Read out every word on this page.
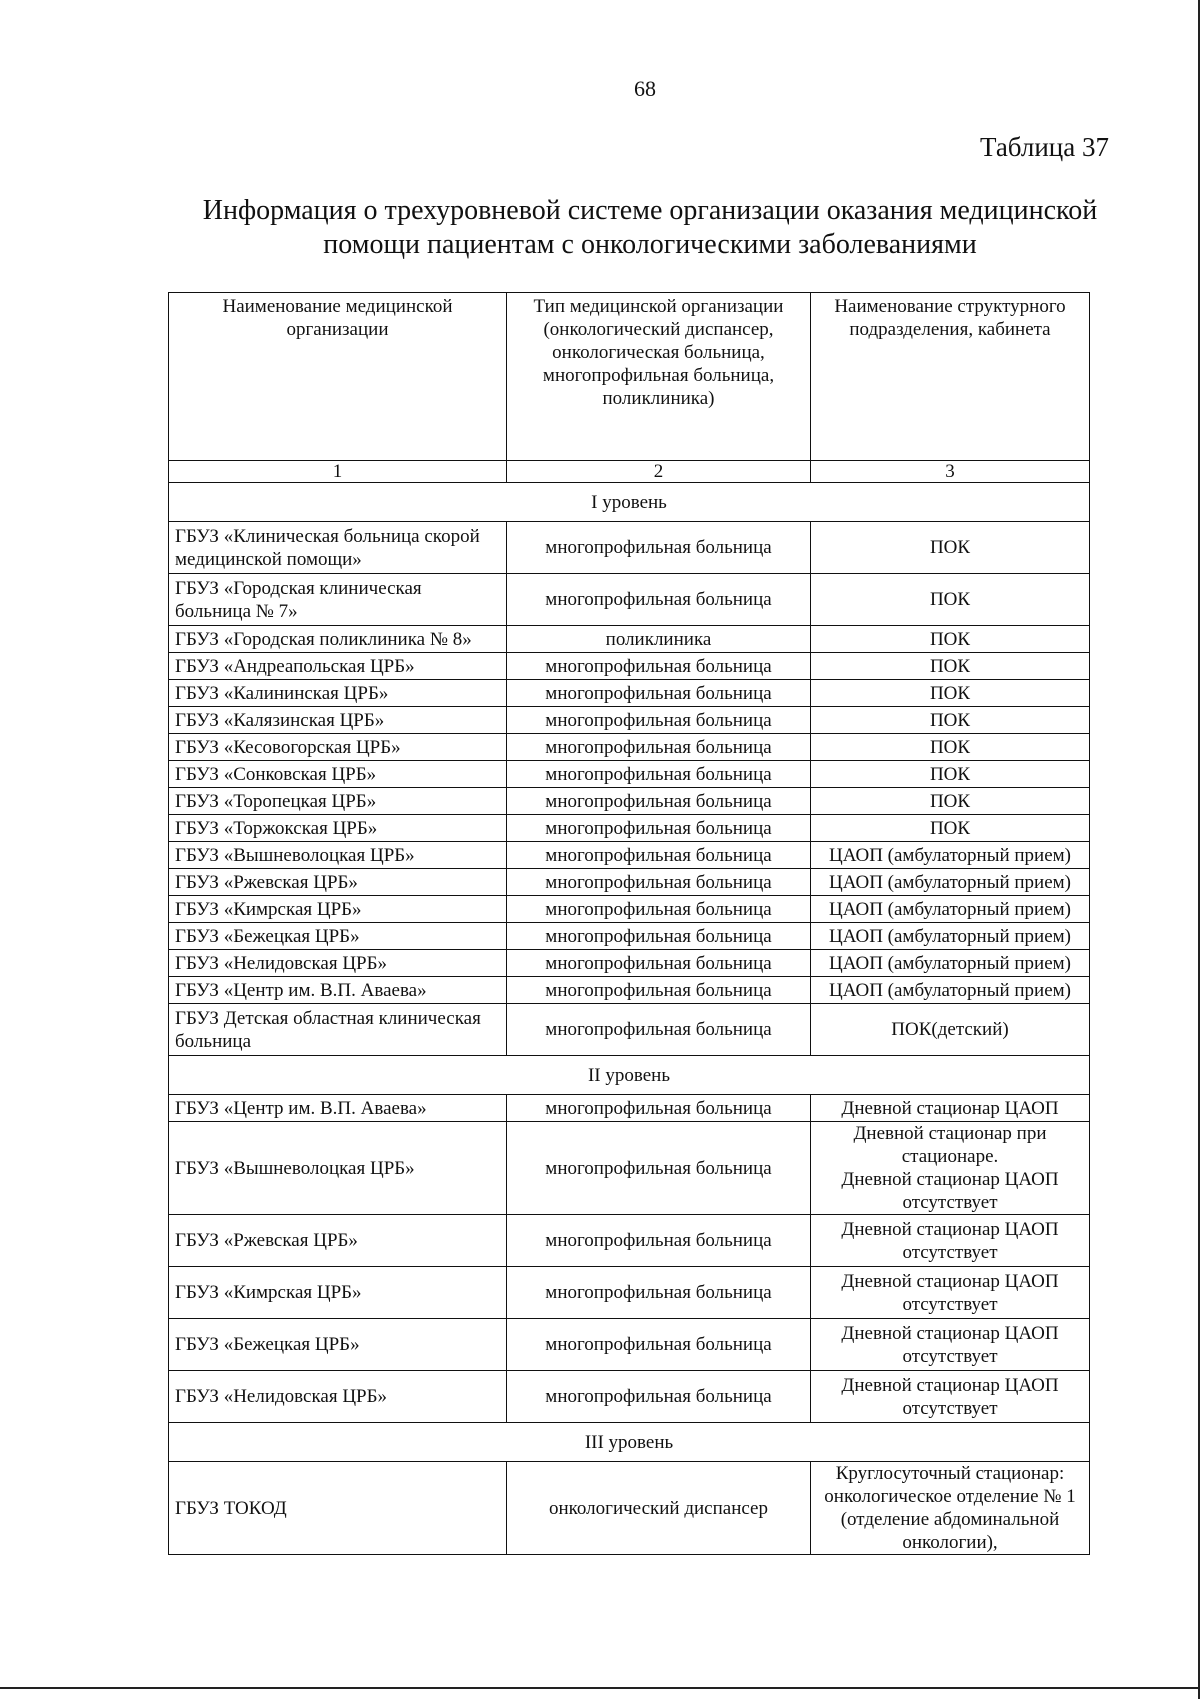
68
Таблица 37
Информация о трехуровневой системе организации оказания медицинской
помощи пациентам с онкологическими заболеваниями
Наименование медицинской организации	Тип медицинской организации (онкологический диспансер, онкологическая больница, многопрофильная больница, поликлиника)	Наименование структурного подразделения, кабинета
1	2	3
I уровень		
ГБУЗ «Клиническая больница скорой медицинской помощи»	многопрофильная больница	ПОК
ГБУЗ «Городская клиническая больница № 7»	многопрофильная больница	ПОК
ГБУЗ «Городская поликлиника № 8»	поликлиника	ПОК
ГБУЗ «Андреапольская ЦРБ»	многопрофильная больница	ПОК
ГБУЗ «Калининская ЦРБ»	многопрофильная больница	ПОК
ГБУЗ «Калязинская ЦРБ»	многопрофильная больница	ПОК
ГБУЗ «Кесовогорская ЦРБ»	многопрофильная больница	ПОК
ГБУЗ «Сонковская ЦРБ»	многопрофильная больница	ПОК
ГБУЗ «Торопецкая ЦРБ»	многопрофильная больница	ПОК
ГБУЗ «Торжокская ЦРБ»	многопрофильная больница	ПОК
ГБУЗ «Вышневолоцкая ЦРБ»	многопрофильная больница	ЦАОП (амбулаторный прием)
ГБУЗ «Ржевская ЦРБ»	многопрофильная больница	ЦАОП (амбулаторный прием)
ГБУЗ «Кимрская ЦРБ»	многопрофильная больница	ЦАОП (амбулаторный прием)
ГБУЗ «Бежецкая ЦРБ»	многопрофильная больница	ЦАОП (амбулаторный прием)
ГБУЗ «Нелидовская ЦРБ»	многопрофильная больница	ЦАОП (амбулаторный прием)
ГБУЗ «Центр им. В.П. Аваева»	многопрофильная больница	ЦАОП (амбулаторный прием)
ГБУЗ Детская областная клиническая больница	многопрофильная больница	ПОК(детский)
II уровень		
ГБУЗ «Центр им. В.П. Аваева»	многопрофильная больница	Дневной стационар ЦАОП

ГБУЗ «Вышневолоцкая ЦРБ»	многопрофильная больница	Дневной стационар при стационаре.
Дневной стационар ЦАОП отсутствует

ГБУЗ «Ржевская ЦРБ»	многопрофильная больница	Дневной стационар ЦАОП отсутствует

ГБУЗ «Кимрская ЦРБ»	многопрофильная больница	Дневной стационар ЦАОП отсутствует

ГБУЗ «Бежецкая ЦРБ»	многопрофильная больница	Дневной стационар ЦАОП отсутствует

ГБУЗ «Нелидовская ЦРБ»	многопрофильная больница	Дневной стационар ЦАОП отсутствует

III уровень		
ГБУЗ ТОКОД	онкологический диспансер	Круглосуточный стационар: онкологическое отделение № 1 (отделение абдоминальной онкологии),
